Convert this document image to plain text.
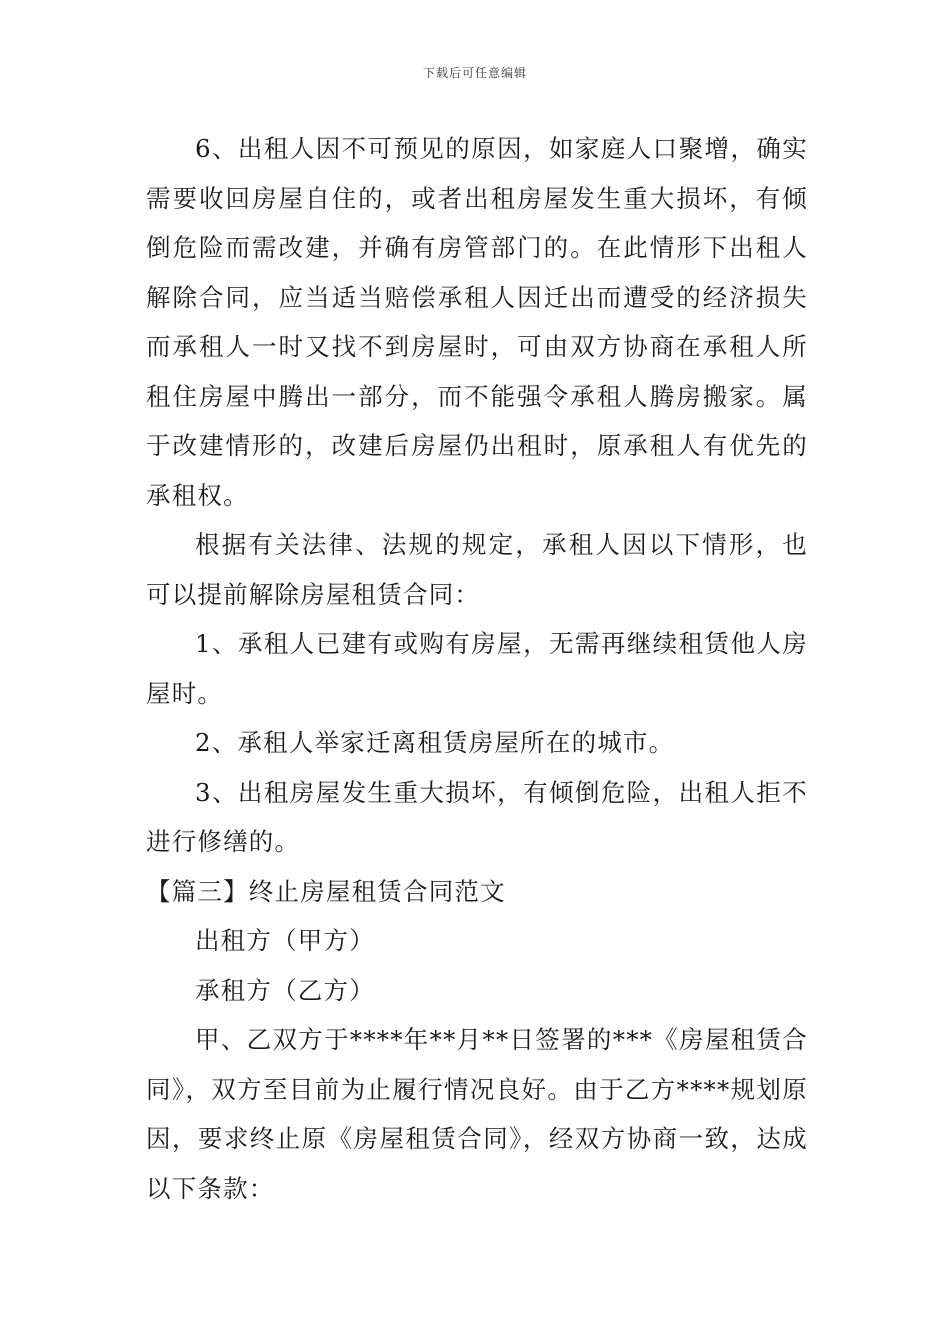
下载后可任意编辑

6、出租人因不可预见的原因，如家庭人口聚增，确实需要收回房屋自住的，或者出租房屋发生重大损坏，有倾倒危险而需改建，并确有房管部门的。在此情形下出租人解除合同，应当适当赔偿承租人因迁出而遭受的经济损失而承租人一时又找不到房屋时，可由双方协商在承租人所租住房屋中腾出一部分，而不能强令承租人腾房搬家。属于改建情形的，改建后房屋仍出租时，原承租人有优先的承租权。

根据有关法律、法规的规定，承租人因以下情形，也可以提前解除房屋租赁合同：

1、承租人已建有或购有房屋，无需再继续租赁他人房屋时。

2、承租人举家迁离租赁房屋所在的城市。

3、出租房屋发生重大损坏，有倾倒危险，出租人拒不进行修缮的。

【篇三】终止房屋租赁合同范文

出租方（甲方）

承租方（乙方）

甲、乙双方于****年**月**日签署的***《房屋租赁合同》，双方至目前为止履行情况良好。由于乙方****规划原因，要求终止原《房屋租赁合同》，经双方协商一致，达成以下条款：
